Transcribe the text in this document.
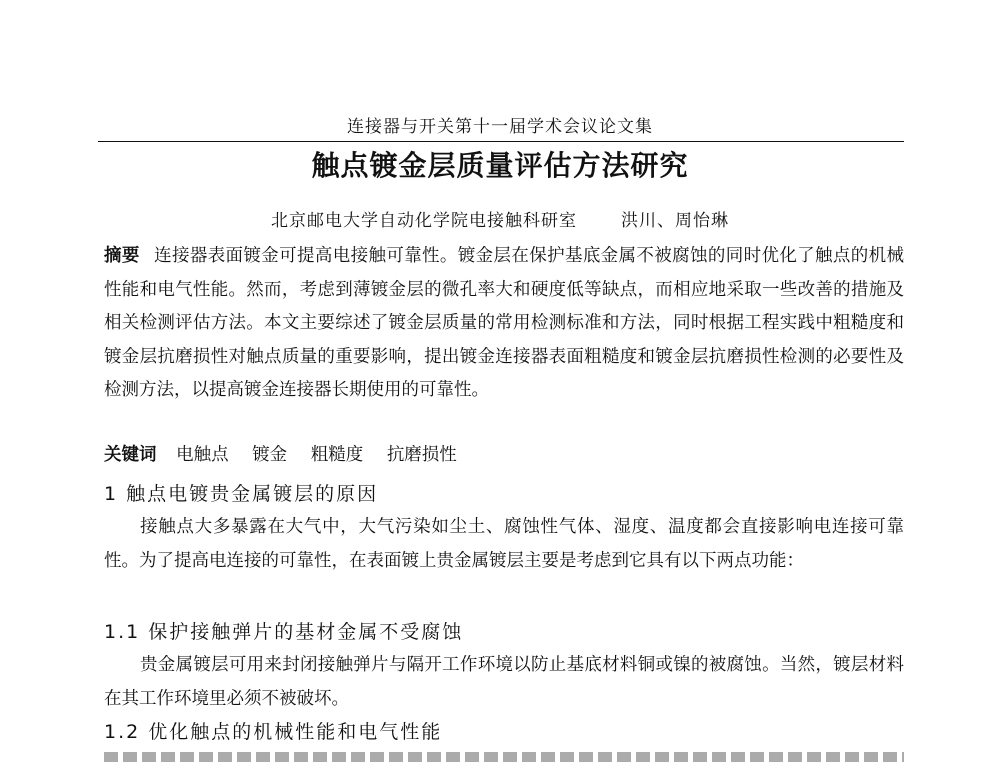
连接器与开关第十一届学术会议论文集
触点镀金层质量评估方法研究
北京邮电大学自动化学院电接触科研室	洪川、周怡琳
摘要 连接器表面镀金可提高电接触可靠性。镀金层在保护基底金属不被腐蚀的同时优化了触点的机械性能和电气性能。然而，考虑到薄镀金层的微孔率大和硬度低等缺点，而相应地采取一些改善的措施及相关检测评估方法。本文主要综述了镀金层质量的常用检测标准和方法，同时根据工程实践中粗糙度和镀金层抗磨损性对触点质量的重要影响，提出镀金连接器表面粗糙度和镀金层抗磨损性检测的必要性及检测方法，以提高镀金连接器长期使用的可靠性。
关键词 电触点 镀金 粗糙度 抗磨损性
1 触点电镀贵金属镀层的原因
接触点大多暴露在大气中，大气污染如尘土、腐蚀性气体、湿度、温度都会直接影响电连接可靠性。为了提高电连接的可靠性，在表面镀上贵金属镀层主要是考虑到它具有以下两点功能：
1.1 保护接触弹片的基材金属不受腐蚀
贵金属镀层可用来封闭接触弹片与隔开工作环境以防止基底材料铜或镍的被腐蚀。当然，镀层材料在其工作环境里必须不被破坏。
1.2 优化触点的机械性能和电气性能
